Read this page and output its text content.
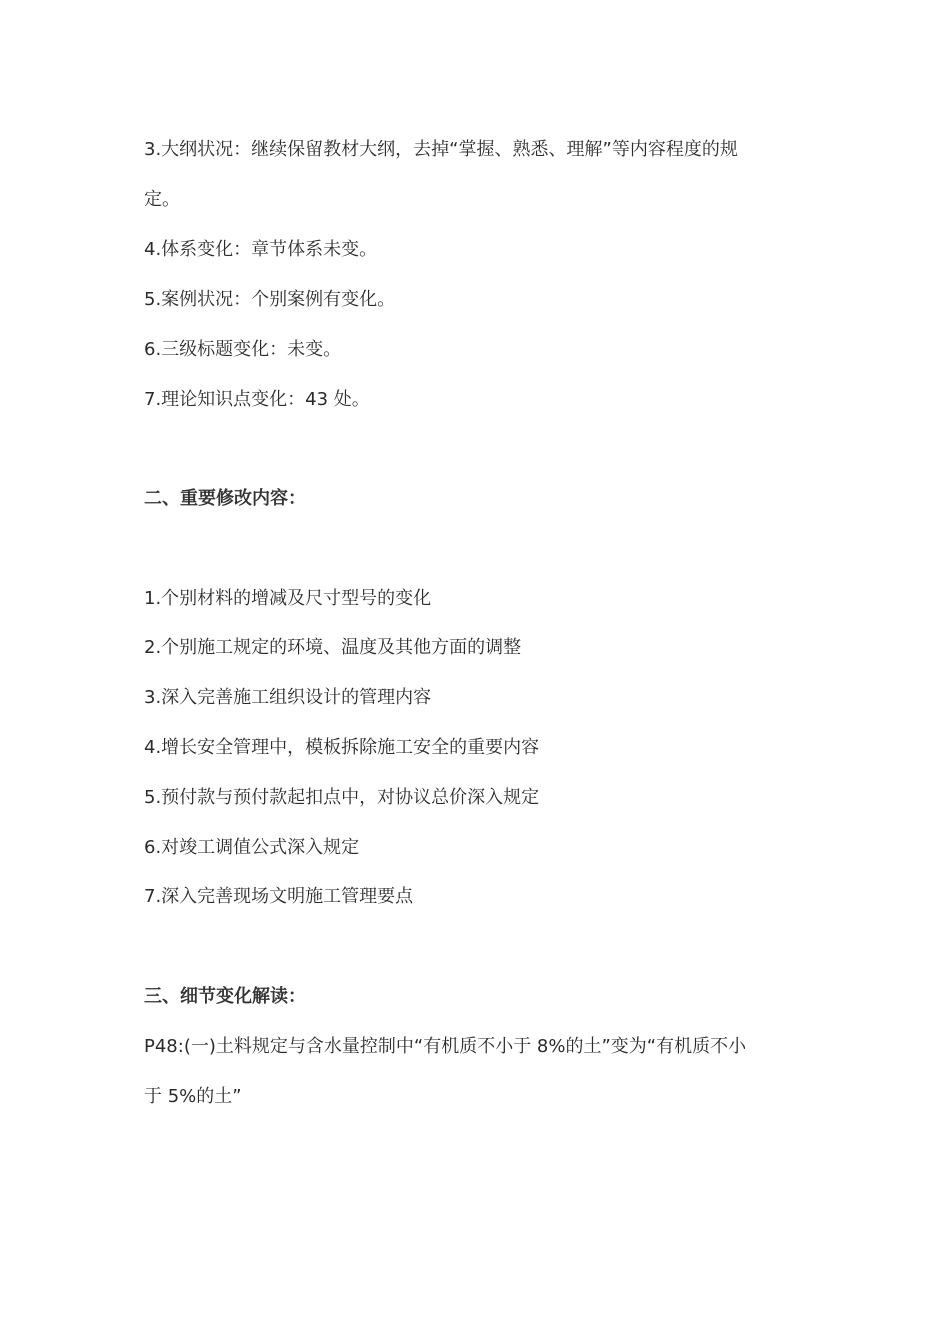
3.大纲状况：继续保留教材大纲，去掉“掌握、熟悉、理解”等内容程度的规
定。
4.体系变化：章节体系未变。
5.案例状况：个别案例有变化。
6.三级标题变化：未变。
7.理论知识点变化：43 处。
二、重要修改内容：
1.个别材料的增减及尺寸型号的变化
2.个别施工规定的环境、温度及其他方面的调整
3.深入完善施工组织设计的管理内容
4.增长安全管理中，模板拆除施工安全的重要内容
5.预付款与预付款起扣点中，对协议总价深入规定
6.对竣工调值公式深入规定
7.深入完善现场文明施工管理要点
三、细节变化解读：
P48:(一)土料规定与含水量控制中“有机质不小于 8%的土”变为“有机质不小
于 5%的土”
